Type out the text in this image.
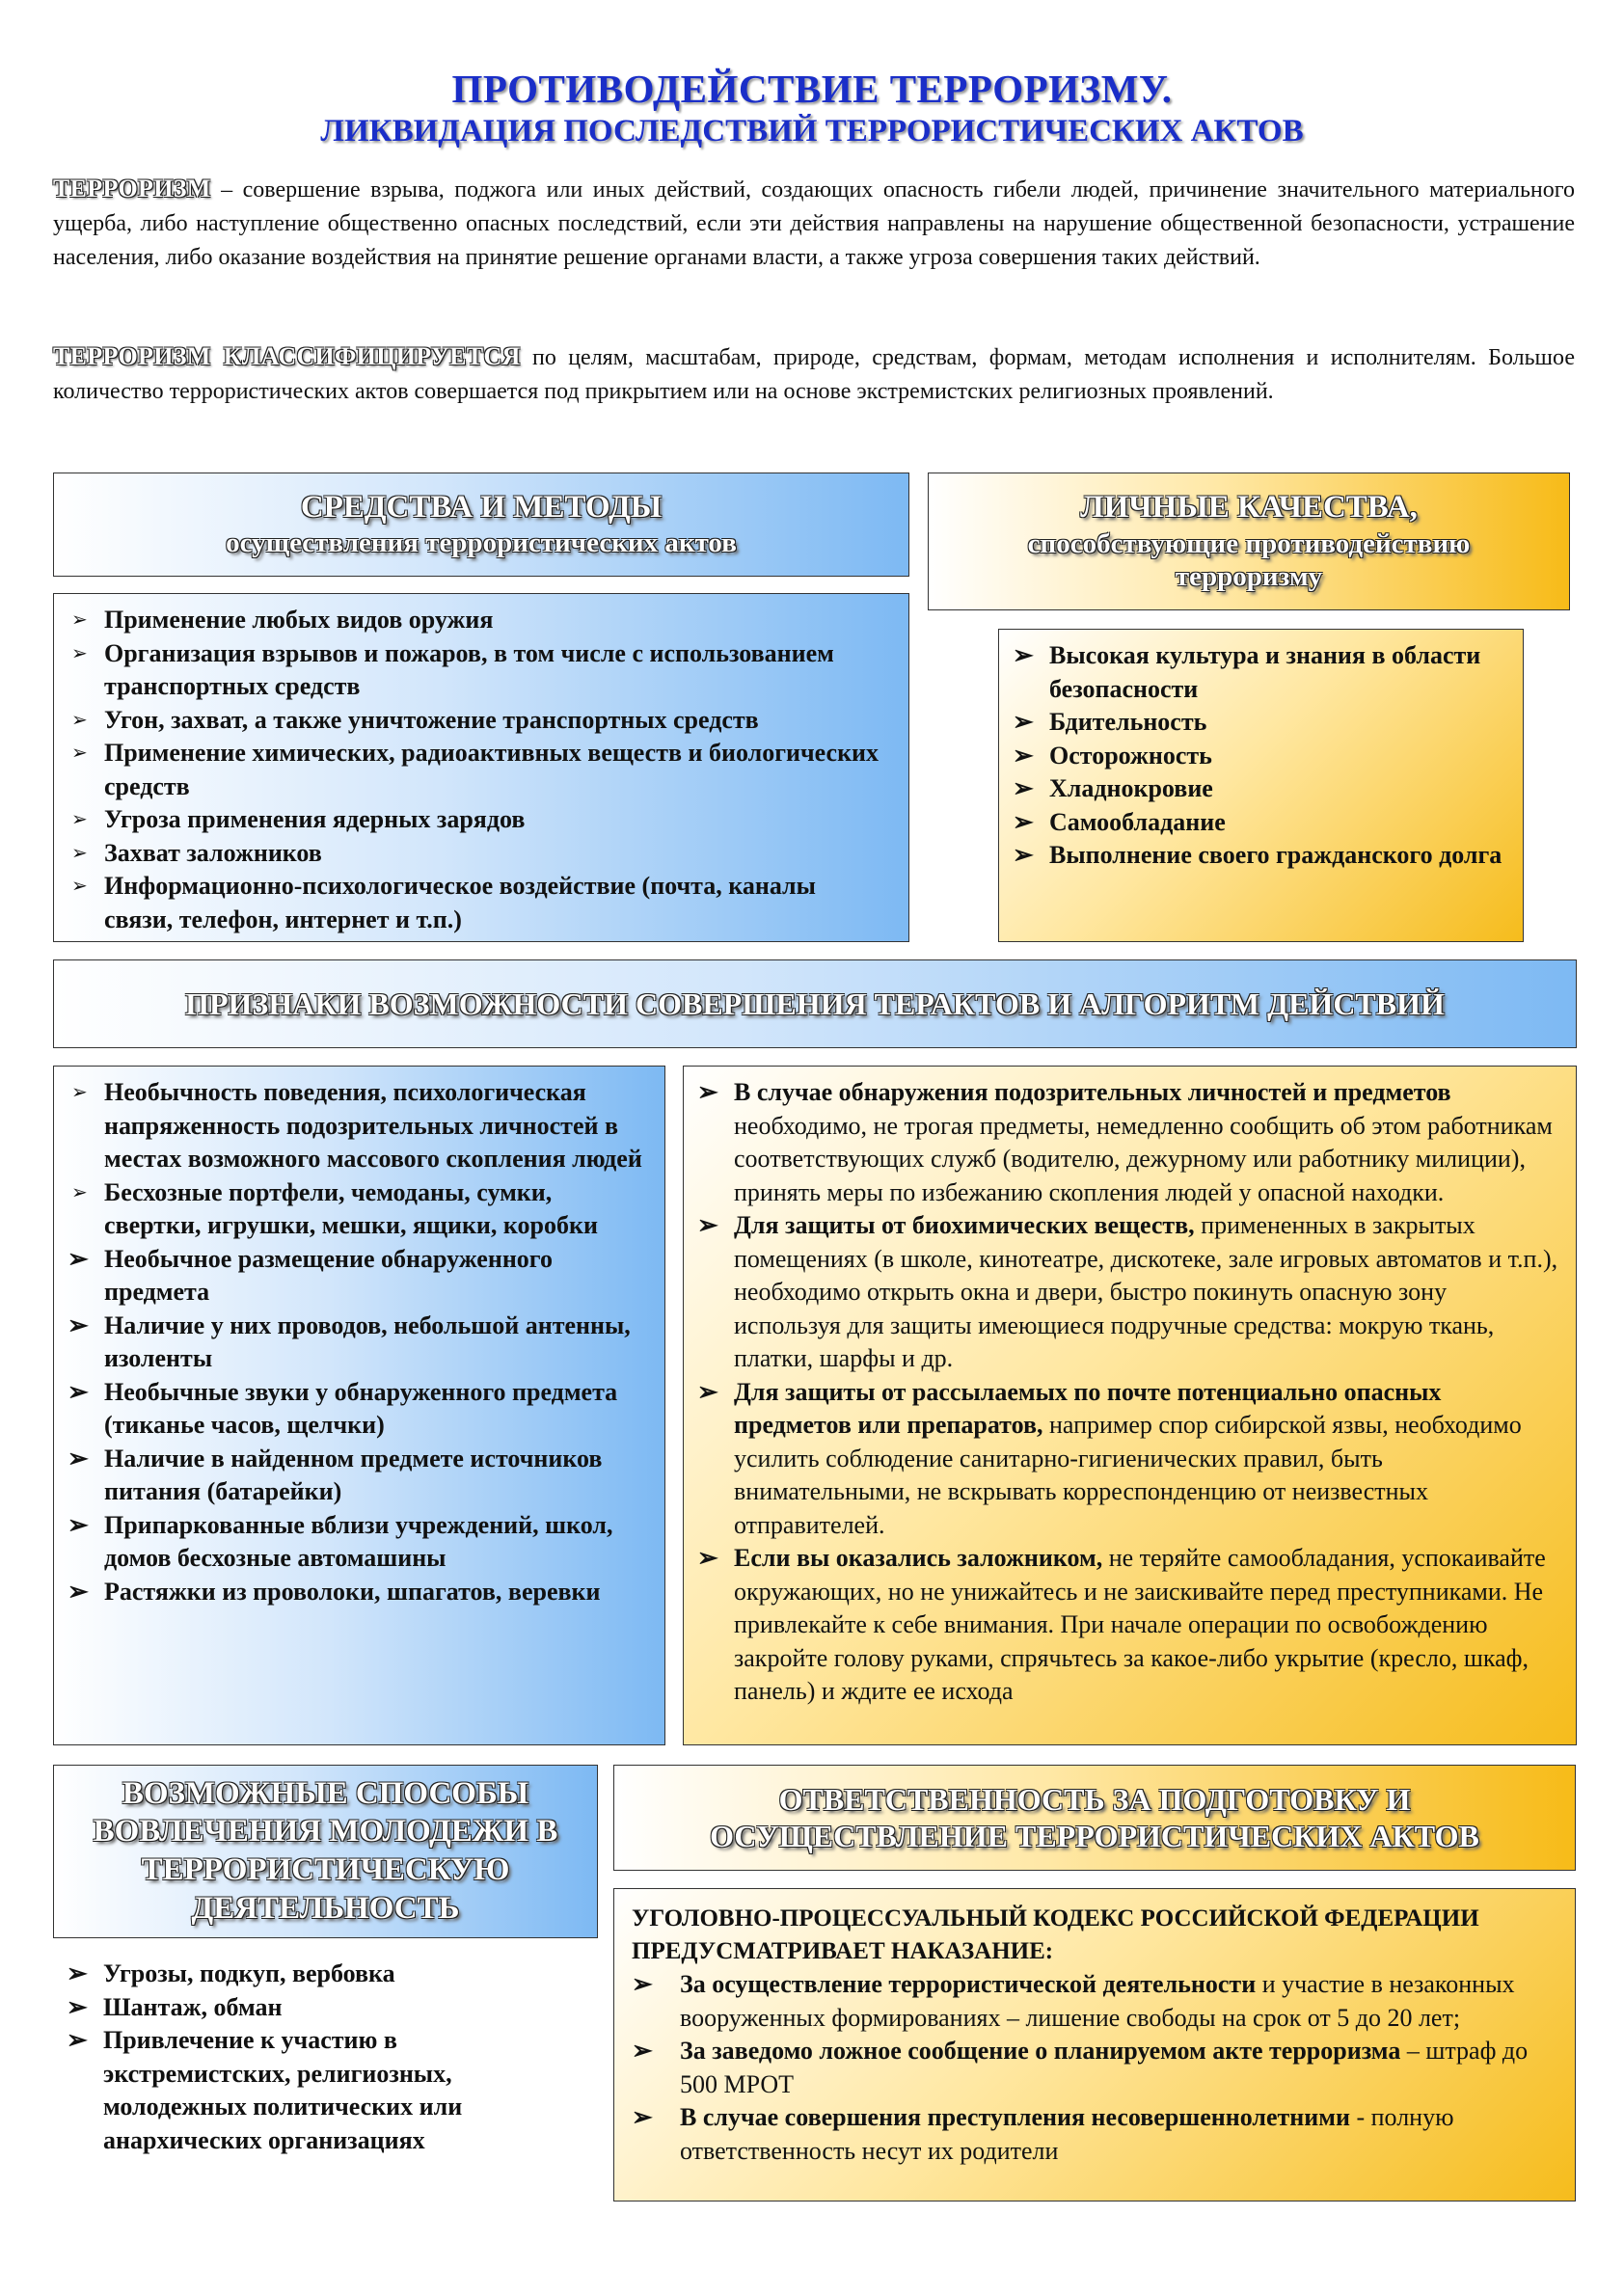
ПРОТИВОДЕЙСТВИЕ ТЕРРОРИЗМУ.
ЛИКВИДАЦИЯ ПОСЛЕДСТВИЙ ТЕРРОРИСТИЧЕСКИХ АКТОВ
ТЕРРОРИЗМ – совершение взрыва, поджога или иных действий, создающих опасность гибели людей, причинение значительного материального ущерба, либо наступление общественно опасных последствий, если эти действия направлены на нарушение общественной безопасности, устрашение населения, либо оказание воздействия на принятие решение органами власти, а также угроза совершения таких действий.
ТЕРРОРИЗМ КЛАССИФИЦИРУЕТСЯ по целям, масштабам, природе, средствам, формам, методам исполнения и исполнителям. Большое количество террористических актов совершается под прикрытием или на основе экстремистских религиозных проявлений.
СРЕДСТВА И МЕТОДЫ
осуществления террористических актов
➢ Применение любых видов оружия
➢ Организация взрывов и пожаров, в том числе с использованием транспортных средств
➢ Угон, захват, а также уничтожение транспортных средств
➢ Применение химических, радиоактивных веществ и биологических средств
➢ Угроза применения ядерных зарядов
➢ Захват заложников
➢ Информационно-психологическое воздействие (почта, каналы связи, телефон, интернет и т.п.)
ЛИЧНЫЕ КАЧЕСТВА,
способствующие противодействию
терроризму
➢ Высокая культура и знания в области безопасности
➢ Бдительность
➢ Осторожность
➢ Хладнокровие
➢ Самообладание
➢ Выполнение своего гражданского долга
ПРИЗНАКИ ВОЗМОЖНОСТИ СОВЕРШЕНИЯ ТЕРАКТОВ И АЛГОРИТМ ДЕЙСТВИЙ
➢ Необычность поведения, психологическая напряженность подозрительных личностей в местах возможного массового скопления людей
➢ Бесхозные портфели, чемоданы, сумки, свертки, игрушки, мешки, ящики, коробки
➢ Необычное размещение обнаруженного предмета
➢ Наличие у них проводов, небольшой антенны, изоленты
➢ Необычные звуки у обнаруженного предмета (тиканье часов, щелчки)
➢ Наличие в найденном предмете источников питания (батарейки)
➢ Припаркованные вблизи учреждений, школ, домов бесхозные автомашины
➢ Растяжки из проволоки, шпагатов, веревки
➢ В случае обнаружения подозрительных личностей и предметов необходимо, не трогая предметы, немедленно сообщить об этом работникам соответствующих служб (водителю, дежурному или работнику милиции), принять меры по избежанию скопления людей у опасной находки.
➢ Для защиты от биохимических веществ, примененных в закрытых помещениях (в школе, кинотеатре, дискотеке, зале игровых автоматов и т.п.), необходимо открыть окна и двери, быстро покинуть опасную зону используя для защиты имеющиеся подручные средства: мокрую ткань, платки, шарфы и др.
➢ Для защиты от рассылаемых по почте потенциально опасных предметов или препаратов, например спор сибирской язвы, необходимо усилить соблюдение санитарно-гигиенических правил, быть внимательными, не вскрывать корреспонденцию от неизвестных отправителей.
➢ Если вы оказались заложником, не теряйте самообладания, успокаивайте окружающих, но не унижайтесь и не заискивайте перед преступниками. Не привлекайте к себе внимания. При начале операции по освобождению закройте голову руками, спрячьтесь за какое-либо укрытие (кресло, шкаф, панель) и ждите ее исхода
ВОЗМОЖНЫЕ СПОСОБЫ ВОВЛЕЧЕНИЯ МОЛОДЕЖИ В ТЕРРОРИСТИЧЕСКУЮ ДЕЯТЕЛЬНОСТЬ
➢ Угрозы, подкуп, вербовка
➢ Шантаж, обман
➢ Привлечение к участию в экстремистских, религиозных, молодежных политических или анархических организациях
ОТВЕТСТВЕННОСТЬ ЗА ПОДГОТОВКУ И ОСУЩЕСТВЛЕНИЕ ТЕРРОРИСТИЧЕСКИХ АКТОВ
УГОЛОВНО-ПРОЦЕССУАЛЬНЫЙ КОДЕКС РОССИЙСКОЙ ФЕДЕРАЦИИ ПРЕДУСМАТРИВАЕТ НАКАЗАНИЕ:
➢ За осуществление террористической деятельности и участие в незаконных вооруженных формированиях – лишение свободы на срок от 5 до 20 лет;
➢ За заведомо ложное сообщение о планируемом акте терроризма – штраф до 500 МРОТ
➢ В случае совершения преступления несовершеннолетними - полную ответственность несут их родители
